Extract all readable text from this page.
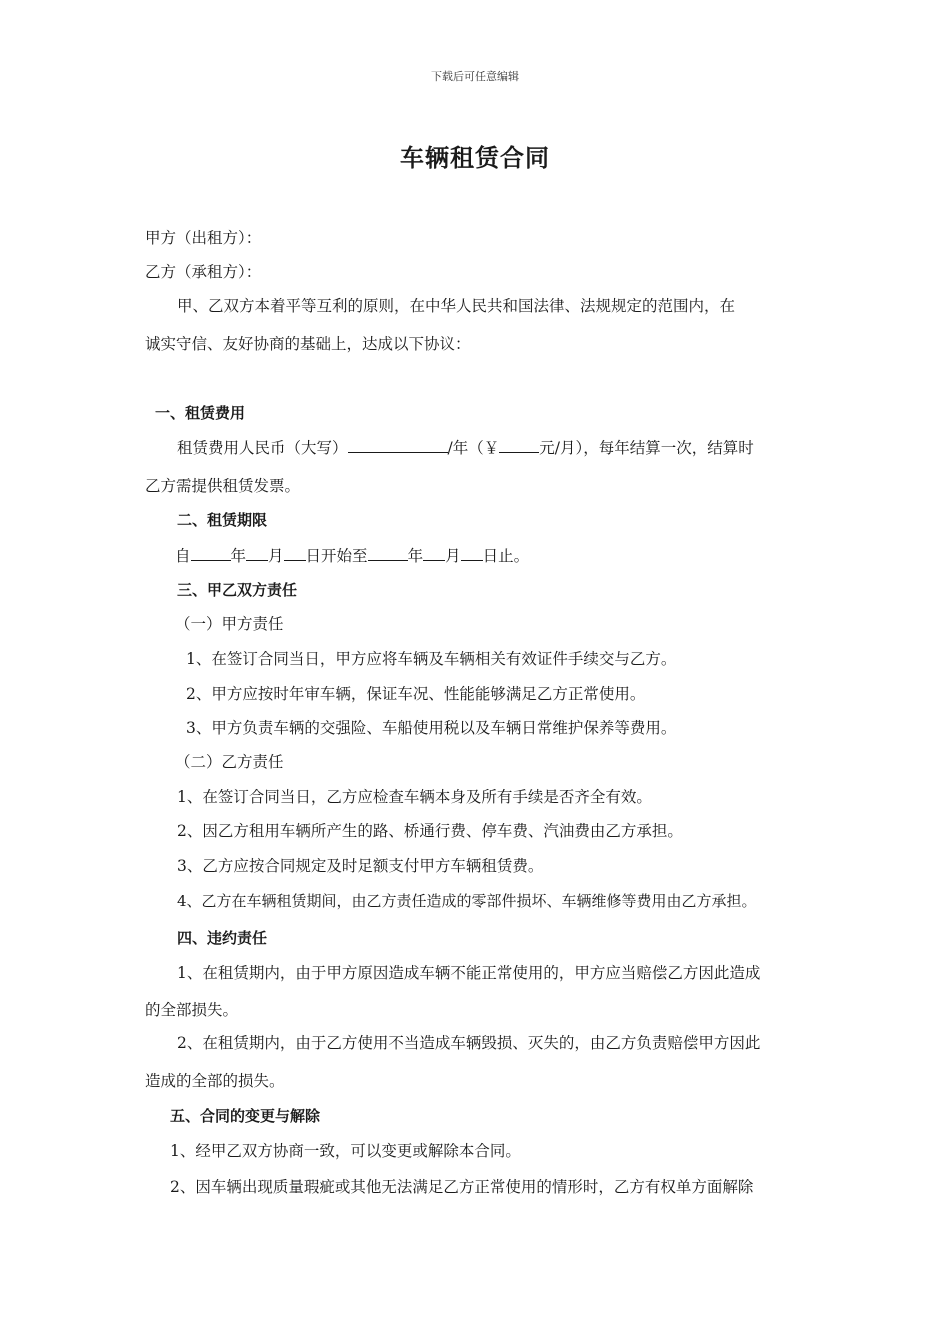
下载后可任意编辑
车辆租赁合同
甲方（出租方）：
乙方（承租方）：
甲、乙双方本着平等互利的原则，在中华人民共和国法律、法规规定的范围内，在
诚实守信、友好协商的基础上，达成以下协议：
一、租赁费用
租赁费用人民币（大写）	/年（￥	元/月），每年结算一次，结算时
乙方需提供租赁发票。
二、租赁期限
自	年 月 日开始至	年 月 日止。
三、甲乙双方责任
（一）甲方责任
1、在签订合同当日，甲方应将车辆及车辆相关有效证件手续交与乙方。
2、甲方应按时年审车辆，保证车况、性能能够满足乙方正常使用。
3、甲方负责车辆的交强险、车船使用税以及车辆日常维护保养等费用。
（二）乙方责任
1、在签订合同当日，乙方应检查车辆本身及所有手续是否齐全有效。
2、因乙方租用车辆所产生的路、桥通行费、停车费、汽油费由乙方承担。
3、乙方应按合同规定及时足额支付甲方车辆租赁费。
4、乙方在车辆租赁期间，由乙方责任造成的零部件损坏、车辆维修等费用由乙方承担。
四、违约责任
1、在租赁期内，由于甲方原因造成车辆不能正常使用的，甲方应当赔偿乙方因此造成
的全部损失。
2、在租赁期内，由于乙方使用不当造成车辆毁损、灭失的，由乙方负责赔偿甲方因此
造成的全部的损失。
五、合同的变更与解除
1、经甲乙双方协商一致，可以变更或解除本合同。
2、因车辆出现质量瑕疵或其他无法满足乙方正常使用的情形时，乙方有权单方面解除
